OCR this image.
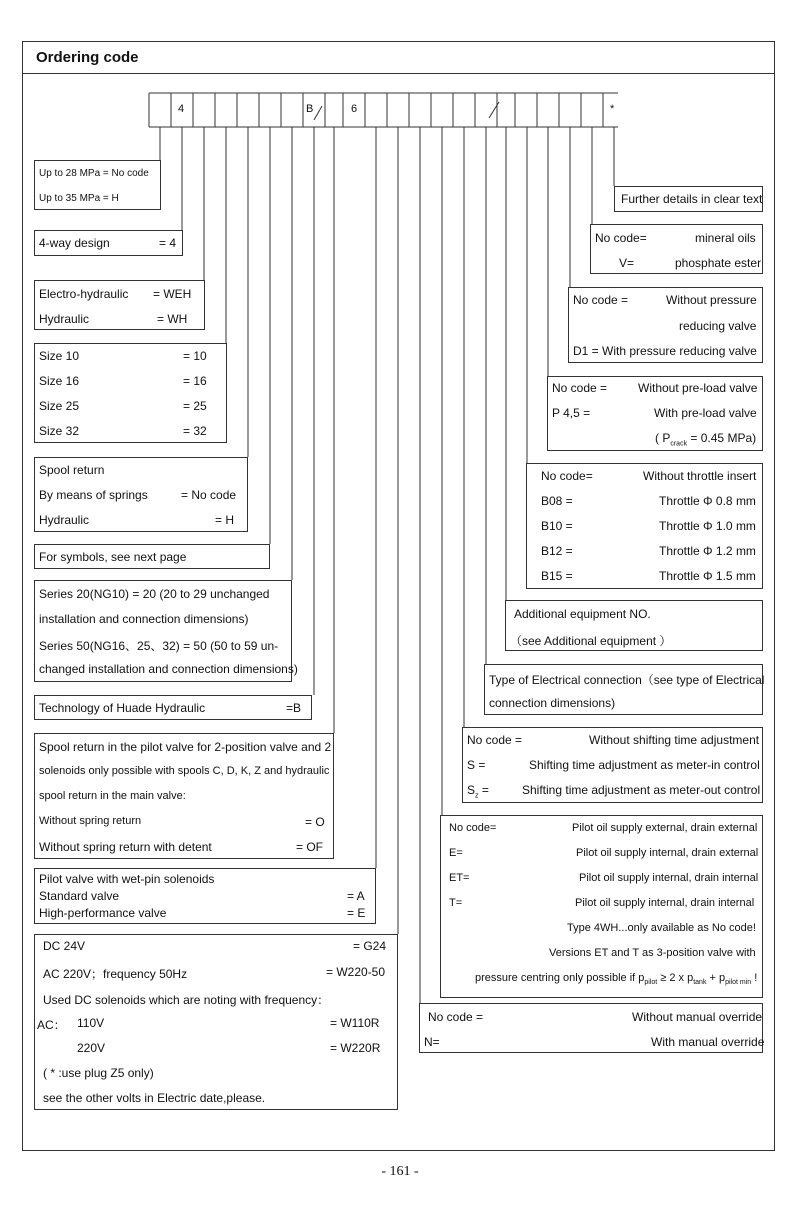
Ordering code
4	B	6	*
Up to 28 MPa = No code
Up to 35 MPa = H
4-way design	= 4
Electro-hydraulic = WEH
Hydraulic	= WH
Size 10	= 10
Size 16	= 16
Size 25	= 25
Size 32	= 32
Spool return
By means of springs	= No code
Hydraulic	= H
For symbols, see next page
Series 20(NG10) = 20 (20 to 29 unchanged
installation and connection dimensions)
Series 50(NG16、25、32) = 50 (50 to 59 un-
changed installation and connection dimensions)
Technology of Huade Hydraulic	=B
Spool return in the pilot valve for 2-position valve and 2
solenoids only possible with spools C, D, K, Z and hydraulic
spool return in the main valve:
Without spring return	= O
Without spring return with detent	= OF
Pilot valve with wet-pin solenoids
Standard valve	= A
High-performance valve	= E
DC 24V	= G24
AC 220V；frequency 50Hz	= W220-50
Used DC solenoids which are noting with frequency：
AC： 110V	= W110R
220V	= W220R
( * :use plug Z5 only)
see the other volts in Electric date,please.
Further details in clear text
No code=	mineral oils
V=	phosphate ester
No code =	Without pressure
reducing valve
D1 = With pressure reducing valve
No code =	Without pre-load valve
P 4,5 =	With pre-load valve
( $P_{crack} = 0.45$ MPa)
No code=	Without throttle insert
B08 =	Throttle Φ 0.8 mm
B10 =	Throttle Φ 1.0 mm
B12 =	Throttle Φ 1.2 mm
B15 =	Throttle Φ 1.5 mm
Additional equipment NO.
（see Additional equipment ）
Type of Electrical connection（see type of Electrical
connection dimensions)
No code =	Without shifting time adjustment
S =	Shifting time adjustment as meter-in control
$S_z$ =	Shifting time adjustment as meter-out control
No code=	Pilot oil supply external, drain external
E=	Pilot oil supply internal, drain external
ET=	Pilot oil supply internal, drain internal
T=	Pilot oil supply internal, drain internal
Type 4WH...only available as No code!
Versions ET and T as 3-position valve with
pressure centring only possible if $p_{pilot} \ge 2$ x $p_{tank} + p_{pilot min}$ !
No code =	Without manual override
N=	With manual override
- 161 -
